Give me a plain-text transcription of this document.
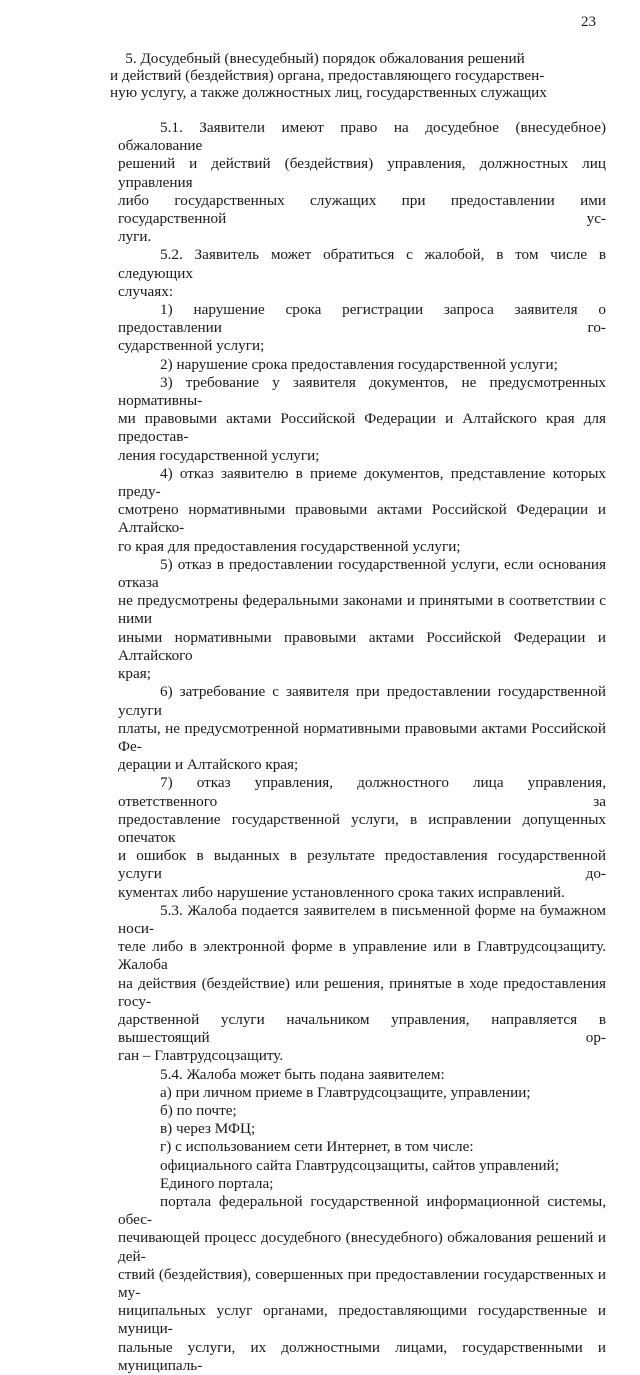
23
5. Досудебный (внесудебный) порядок обжалования решений
и действий (бездействия) органа, предоставляющего государствен-
ную услугу, а также должностных лиц, государственных служащих

5.1. Заявители имеют право на досудебное (внесудебное) обжалование

решений и действий (бездействия) управления, должностных лиц управления

либо государственных служащих при предоставлении ими государственной ус-

луги.

5.2. Заявитель может обратиться с жалобой, в том числе в следующих

случаях:

1) нарушение срока регистрации запроса заявителя о предоставлении го-

сударственной услуги;

2) нарушение срока предоставления государственной услуги;

3) требование у заявителя документов, не предусмотренных нормативны-

ми правовыми актами Российской Федерации и Алтайского края для предостав-

ления государственной услуги;

4) отказ заявителю в приеме документов, представление которых преду-

смотрено нормативными правовыми актами Российской Федерации и Алтайско-

го края для предоставления государственной услуги;

5) отказ в предоставлении государственной услуги, если основания отказа

не предусмотрены федеральными законами и принятыми в соответствии с ними

иными нормативными правовыми актами Российской Федерации и Алтайского

края;

6) затребование с заявителя при предоставлении государственной услуги

платы, не предусмотренной нормативными правовыми актами Российской Фе-

дерации и Алтайского края;

7) отказ управления, должностного лица управления, ответственного за

предоставление государственной услуги, в исправлении допущенных опечаток

и ошибок в выданных в результате предоставления государственной услуги до-

кументах либо нарушение установленного срока таких исправлений.

5.3. Жалоба подается заявителем в письменной форме на бумажном носи-

теле либо в электронной форме в управление или в Главтрудсоцзащиту. Жалоба

на действия (бездействие) или решения, принятые в ходе предоставления госу-

дарственной услуги начальником управления, направляется в вышестоящий ор-

ган – Главтрудсоцзащиту.

5.4. Жалоба может быть подана заявителем:

а) при личном приеме в Главтрудсоцзащите, управлении;

б) по почте;

в) через МФЦ;

г) с использованием сети Интернет, в том числе:

официального сайта Главтрудсоцзащиты, сайтов управлений;

Единого портала;

портала федеральной государственной информационной системы, обес-

печивающей процесс досудебного (внесудебного) обжалования решений и дей-

ствий (бездействия), совершенных при предоставлении государственных и му-

ниципальных услуг органами, предоставляющими государственные и муници-

пальные услуги, их должностными лицами, государственными и муниципаль-
